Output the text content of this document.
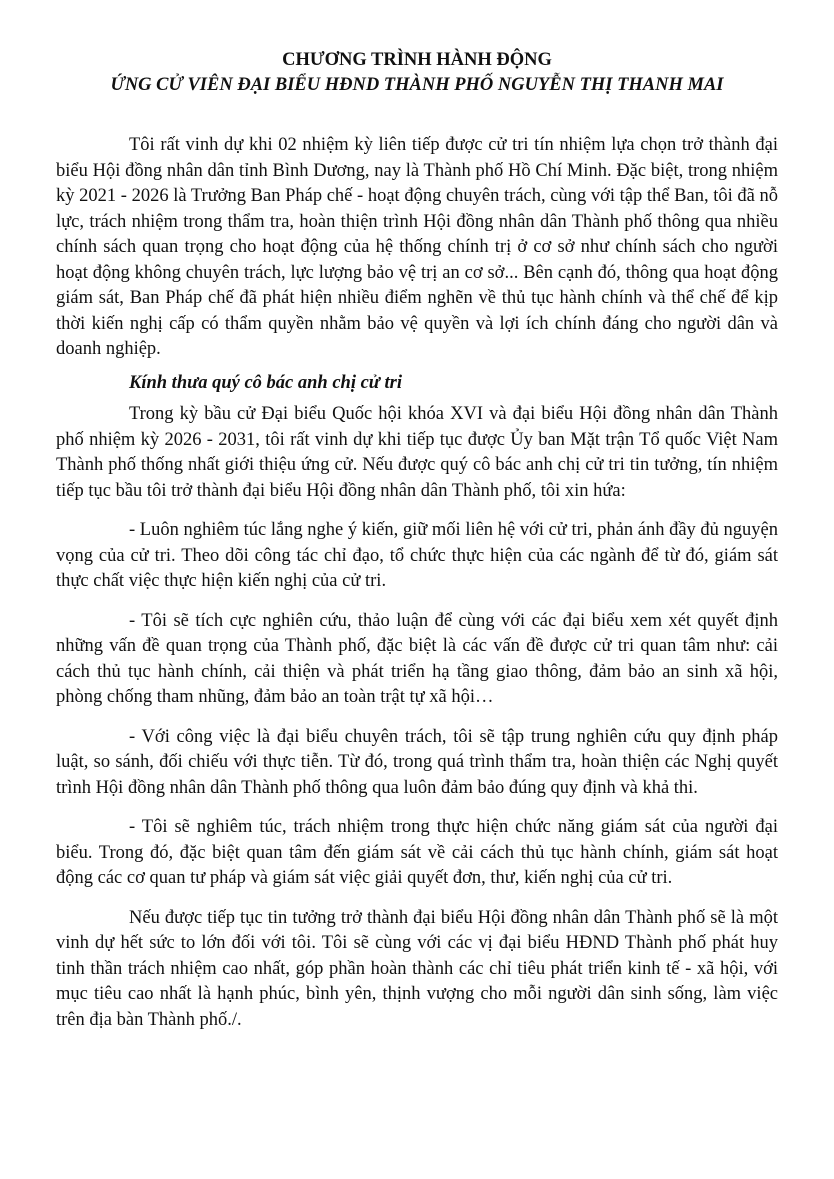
CHƯƠNG TRÌNH HÀNH ĐỘNG

ỨNG CỬ VIÊN ĐẠI BIỂU HĐND THÀNH PHỐ NGUYỄN THỊ THANH MAI

Tôi rất vinh dự khi 02 nhiệm kỳ liên tiếp được cử tri tín nhiệm lựa chọn trở thành đại biểu Hội đồng nhân dân tỉnh Bình Dương, nay là Thành phố Hồ Chí Minh. Đặc biệt, trong nhiệm kỳ 2021 - 2026 là Trưởng Ban Pháp chế - hoạt động chuyên trách, cùng với tập thể Ban, tôi đã nỗ lực, trách nhiệm trong thẩm tra, hoàn thiện trình Hội đồng nhân dân Thành phố thông qua nhiều chính sách quan trọng cho hoạt động của hệ thống chính trị ở cơ sở như chính sách cho người hoạt động không chuyên trách, lực lượng bảo vệ trị an cơ sở... Bên cạnh đó, thông qua hoạt động giám sát, Ban Pháp chế đã phát hiện nhiều điểm nghẽn về thủ tục hành chính và thể chế để kịp thời kiến nghị cấp có thẩm quyền nhằm bảo vệ quyền và lợi ích chính đáng cho người dân và doanh nghiệp.

Kính thưa quý cô bác anh chị cử tri

Trong kỳ bầu cử Đại biểu Quốc hội khóa XVI và đại biểu Hội đồng nhân dân Thành phố nhiệm kỳ 2026 - 2031, tôi rất vinh dự khi tiếp tục được Ủy ban Mặt trận Tổ quốc Việt Nam Thành phố thống nhất giới thiệu ứng cử. Nếu được quý cô bác anh chị cử tri tin tưởng, tín nhiệm tiếp tục bầu tôi trở thành đại biểu Hội đồng nhân dân Thành phố, tôi xin hứa:

- Luôn nghiêm túc lắng nghe ý kiến, giữ mối liên hệ với cử tri, phản ánh đầy đủ nguyện vọng của cử tri. Theo dõi công tác chỉ đạo, tổ chức thực hiện của các ngành để từ đó, giám sát thực chất việc thực hiện kiến nghị của cử tri.

- Tôi sẽ tích cực nghiên cứu, thảo luận để cùng với các đại biểu xem xét quyết định những vấn đề quan trọng của Thành phố, đặc biệt là các vấn đề được cử tri quan tâm như: cải cách thủ tục hành chính, cải thiện và phát triển hạ tầng giao thông, đảm bảo an sinh xã hội, phòng chống tham nhũng, đảm bảo an toàn trật tự xã hội…

- Với công việc là đại biểu chuyên trách, tôi sẽ tập trung nghiên cứu quy định pháp luật, so sánh, đối chiếu với thực tiễn. Từ đó, trong quá trình thẩm tra, hoàn thiện các Nghị quyết trình Hội đồng nhân dân Thành phố thông qua luôn đảm bảo đúng quy định và khả thi.

- Tôi sẽ nghiêm túc, trách nhiệm trong thực hiện chức năng giám sát của người đại biểu. Trong đó, đặc biệt quan tâm đến giám sát về cải cách thủ tục hành chính, giám sát hoạt động các cơ quan tư pháp và giám sát việc giải quyết đơn, thư, kiến nghị của cử tri.

Nếu được tiếp tục tin tưởng trở thành đại biểu Hội đồng nhân dân Thành phố sẽ là một vinh dự hết sức to lớn đối với tôi. Tôi sẽ cùng với các vị đại biểu HĐND Thành phố phát huy tinh thần trách nhiệm cao nhất, góp phần hoàn thành các chỉ tiêu phát triển kinh tế - xã hội, với mục tiêu cao nhất là hạnh phúc, bình yên, thịnh vượng cho mỗi người dân sinh sống, làm việc trên địa bàn Thành phố./.
